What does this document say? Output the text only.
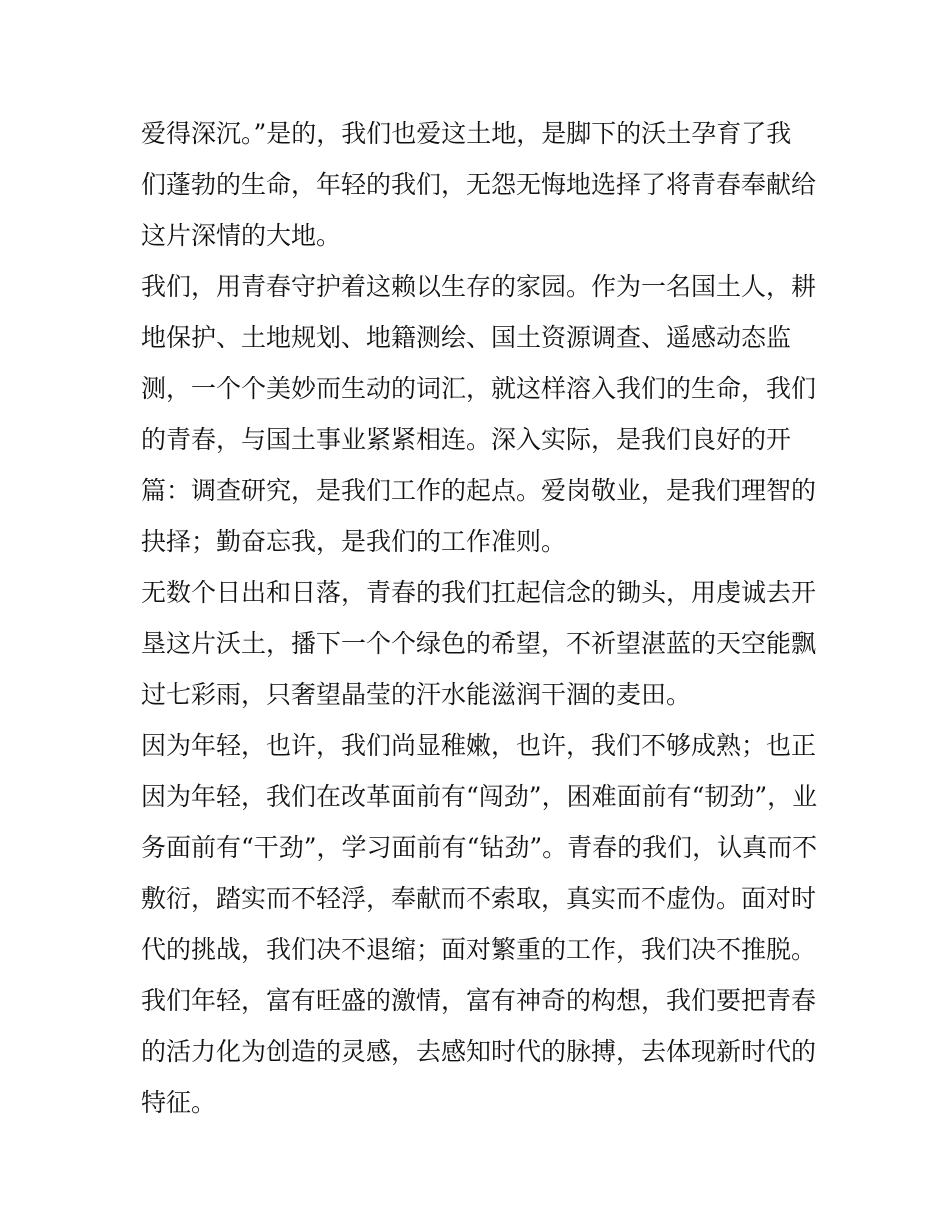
爱得深沉。”是的，我们也爱这土地，是脚下的沃土孕育了我
们蓬勃的生命，年轻的我们，无怨无悔地选择了将青春奉献给
这片深情的大地。
我们，用青春守护着这赖以生存的家园。作为一名国土人，耕
地保护、土地规划、地籍测绘、国土资源调查、遥感动态监
测，一个个美妙而生动的词汇，就这样溶入我们的生命，我们
的青春，与国土事业紧紧相连。深入实际，是我们良好的开
篇：调查研究，是我们工作的起点。爱岗敬业，是我们理智的
抉择；勤奋忘我，是我们的工作准则。
无数个日出和日落，青春的我们扛起信念的锄头，用虔诚去开
垦这片沃土，播下一个个绿色的希望，不祈望湛蓝的天空能飘
过七彩雨，只奢望晶莹的汗水能滋润干涸的麦田。
因为年轻，也许，我们尚显稚嫩，也许，我们不够成熟；也正
因为年轻，我们在改革面前有“闯劲”，困难面前有“韧劲”，业
务面前有“干劲”，学习面前有“钻劲”。青春的我们，认真而不
敷衍，踏实而不轻浮，奉献而不索取，真实而不虚伪。面对时
代的挑战，我们决不退缩；面对繁重的工作，我们决不推脱。
我们年轻，富有旺盛的激情，富有神奇的构想，我们要把青春
的活力化为创造的灵感，去感知时代的脉搏，去体现新时代的
特征。
